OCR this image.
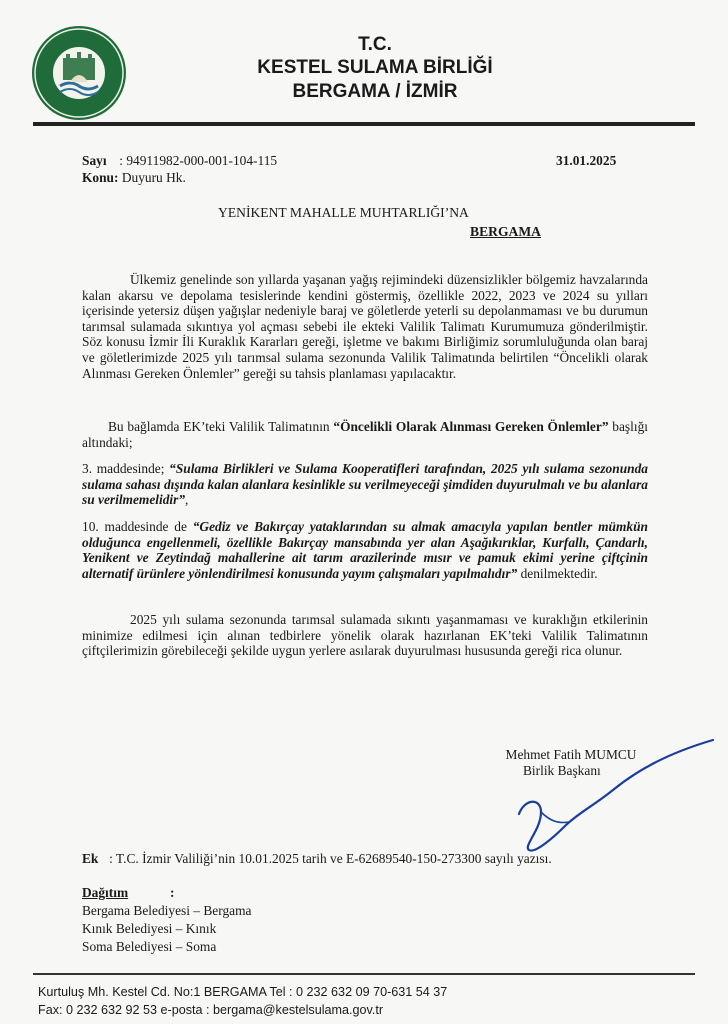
T.C.
KESTEL SULAMA BİRLİĞİ
BERGAMA / İZMİR
Sayı : 94911982-000-001-104-115	31.01.2025
Konu: Duyuru Hk.
YENİKENT MAHALLE MUHTARLIĞI’NA
BERGAMA
Ülkemiz genelinde son yıllarda yaşanan yağış rejimindeki düzensizlikler bölgemiz havzalarında kalan akarsu ve depolama tesislerinde kendini göstermiş, özellikle 2022, 2023 ve 2024 su yılları içerisinde yetersiz düşen yağışlar nedeniyle baraj ve göletlerde yeterli su depolanmaması ve bu durumun tarımsal sulamada sıkıntıya yol açması sebebi ile ekteki Valilik Talimatı Kurumumuza gönderilmiştir. Söz konusu İzmir İli Kuraklık Kararları gereği, işletme ve bakımı Birliğimiz sorumluluğunda olan baraj ve göletlerimizde 2025 yılı tarımsal sulama sezonunda Valilik Talimatında belirtilen “Öncelikli olarak Alınması Gereken Önlemler” gereği su tahsis planlaması yapılacaktır.
Bu bağlamda EK’teki Valilik Talimatının “Öncelikli Olarak Alınması Gereken Önlemler” başlığı altındaki;
3. maddesinde; “Sulama Birlikleri ve Sulama Kooperatifleri tarafından, 2025 yılı sulama sezonunda sulama sahası dışında kalan alanlara kesinlikle su verilmeyeceği şimdiden duyurulmalı ve bu alanlara su verilmemelidir”,
10. maddesinde de “Gediz ve Bakırçay yataklarından su almak amacıyla yapılan bentler mümkün olduğunca engellenmeli, özellikle Bakırçay mansabında yer alan Aşağıkırıklar, Kurfallı, Çandarlı, Yenikent ve Zeytindağ mahallerine ait tarım arazilerinde mısır ve pamuk ekimi yerine çiftçinin alternatif ürünlere yönlendirilmesi konusunda yayım çalışmaları yapılmalıdır” denilmektedir.
2025 yılı sulama sezonunda tarımsal sulamada sıkıntı yaşanmaması ve kuraklığın etkilerinin minimize edilmesi için alınan tedbirlere yönelik olarak hazırlanan EK’teki Valilik Talimatının çiftçilerimizin görebileceği şekilde uygun yerlere asılarak duyurulması hususunda gereği rica olunur.
Mehmet Fatih MUMCU
Birlik Başkanı
Ek : T.C. İzmir Valiliği’nin 10.01.2025 tarih ve E-62689540-150-273300 sayılı yazısı.
Dağıtım	:
Bergama Belediyesi – Bergama
Kınık Belediyesi – Kınık
Soma Belediyesi – Soma
Kurtuluş Mh. Kestel Cd. No:1 BERGAMA Tel : 0 232 632 09 70-631 54 37
Fax: 0 232 632 92 53 e-posta : bergama@kestelsulama.gov.tr
